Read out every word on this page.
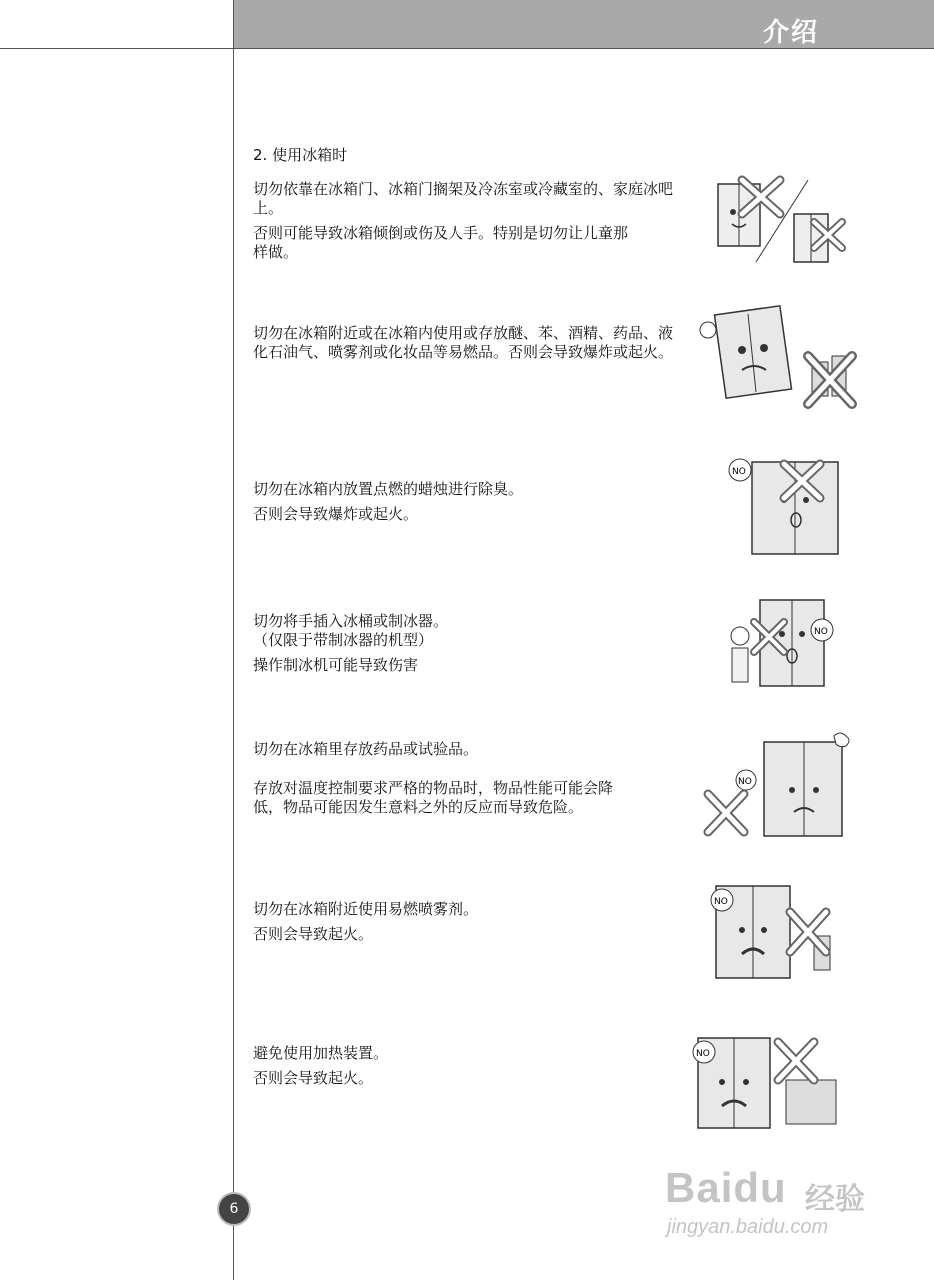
介绍
2. 使用冰箱时

切勿依靠在冰箱门、冰箱门搁架及冷冻室或冷藏室的、家庭冰吧上。

否则可能导致冰箱倾倒或伤及人手。特别是切勿让儿童那样做。

切勿在冰箱附近或在冰箱内使用或存放醚、苯、酒精、药品、液化石油气、喷雾剂或化妆品等易燃品。否则会导致爆炸或起火。

切勿在冰箱内放置点燃的蜡烛进行除臭。

否则会导致爆炸或起火。

NO

切勿将手插入冰桶或制冰器。

（仅限于带制冰器的机型）

操作制冰机可能导致伤害

NO

切勿在冰箱里存放药品或试验品。

存放对温度控制要求严格的物品时，物品性能可能会降低，物品可能因发生意料之外的反应而导致危险。

NO

切勿在冰箱附近使用易燃喷雾剂。

否则会导致起火。

NO

避免使用加热装置。

否则会导致起火。

NO
6	Baidu 经验
jingyan.baidu.com
